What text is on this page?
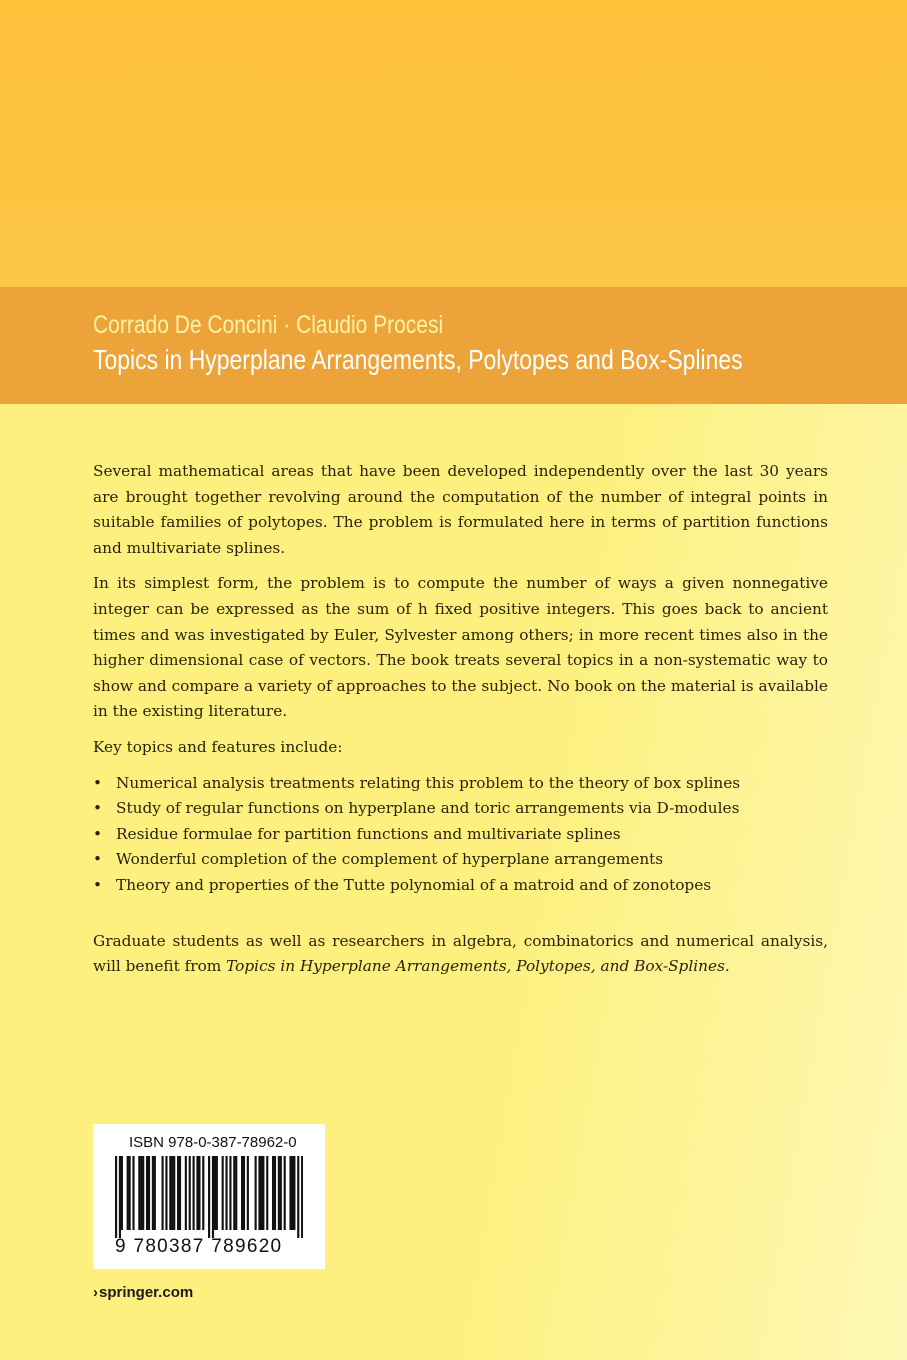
Corrado De Concini · Claudio Procesi
Topics in Hyperplane Arrangements, Polytopes and Box-Splines

Several mathematical areas that have been developed independently over the last 30 years are brought together revolving around the computation of the number of integral points in suitable families of polytopes. The problem is formulated here in terms of partition functions and multivariate splines.

In its simplest form, the problem is to compute the number of ways a given nonnegative integer can be expressed as the sum of h fixed positive integers. This goes back to ancient times and was investigated by Euler, Sylvester among others; in more recent times also in the higher dimensional case of vectors. The book treats several topics in a non-systematic way to show and compare a variety of approaches to the subject. No book on the material is available in the existing literature.

Key topics and features include:

• Numerical analysis treatments relating this problem to the theory of box splines
• Study of regular functions on hyperplane and toric arrangements via D-modules
• Residue formulae for partition functions and multivariate splines
• Wonderful completion of the complement of hyperplane arrangements
• Theory and properties of the Tutte polynomial of a matroid and of zonotopes

Graduate students as well as researchers in algebra, combinatorics and numerical analysis, will benefit from Topics in Hyperplane Arrangements, Polytopes, and Box-Splines.

ISBN 978-0-387-78962-0
9 780387 789620
›springer.com
